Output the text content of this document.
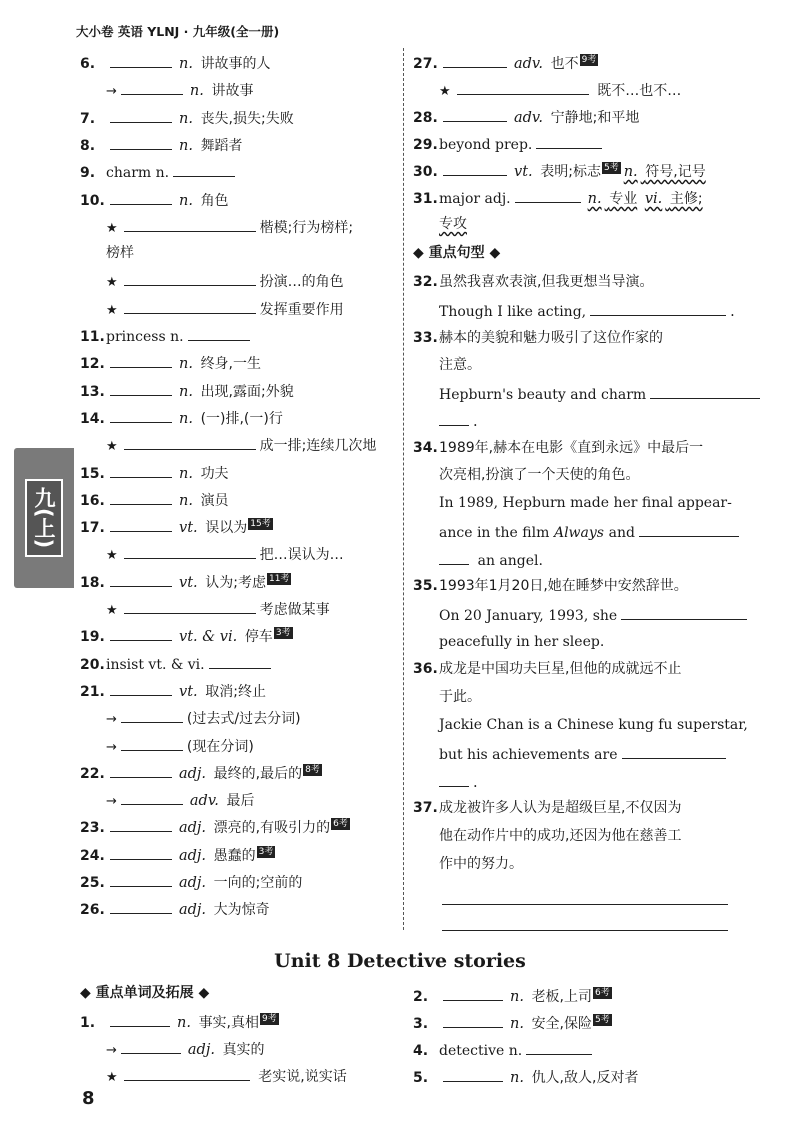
大小卷 英语 YLNJ · 九年级(全一册)
九(上)
6.	n. 讲故事的人
→	n. 讲故事
7.	n. 丧失,损失;失败
8.	n. 舞蹈者
9. charm n.
10.	n. 角色
★	楷模;行为榜样;
榜样
★	扮演…的角色
★	发挥重要作用
11.princess n.
12.	n. 终身,一生
13.	n. 出现,露面;外貌
14.	n. (一)排,(一)行
★	成一排;连续几次地
15.	n. 功夫
16.	n. 演员
17.	vt. 误以为 15考
★	把…误认为…
18.	vt. 认为;考虑 11考
★	考虑做某事
19.	vt. & vi. 停车 3考
20.insist vt. & vi.
21.	vt. 取消;终止
→	(过去式/过去分词)
→	(现在分词)
22.	adj. 最终的,最后的 8考
→	adv. 最后
23.	adj. 漂亮的,有吸引力的 6考
24.	adj. 愚蠢的 3考
25.	adj. 一向的;空前的
26.	adj. 大为惊奇
27.	adv. 也不 9考
★	既不…也不…
28.	adv. 宁静地;和平地
29.beyond prep.
30.	vt. 表明;标志 5考 n. 符号,记号
31.major adj.	n. 专业 vi. 主修;
专攻
◆ 重点句型 ◆
32.虽然我喜欢表演,但我更想当导演。
Though I like acting,	.
33.赫本的美貌和魅力吸引了这位作家的
注意。
Hepburn's beauty and charm
.
34.1989年,赫本在电影《直到永远》中最后一
次亮相,扮演了一个天使的角色。
In 1989, Hepburn made her final appear-
ance in the film Always and
an angel.
35.1993年1月20日,她在睡梦中安然辞世。
On 20 January, 1993, she
peacefully in her sleep.
36.成龙是中国功夫巨星,但他的成就远不止
于此。
Jackie Chan is a Chinese kung fu superstar,
but his achievements are
.
37.成龙被许多人认为是超级巨星,不仅因为
他在动作片中的成功,还因为他在慈善工
作中的努力。
Unit 8 Detective stories
◆ 重点单词及拓展 ◆
1.	n. 事实,真相 9考
→	adj. 真实的
★	老实说,说实话
2.	n. 老板,上司 6考
3.	n. 安全,保险 5考
4. detective n.
5.	n. 仇人,敌人,反对者
8
